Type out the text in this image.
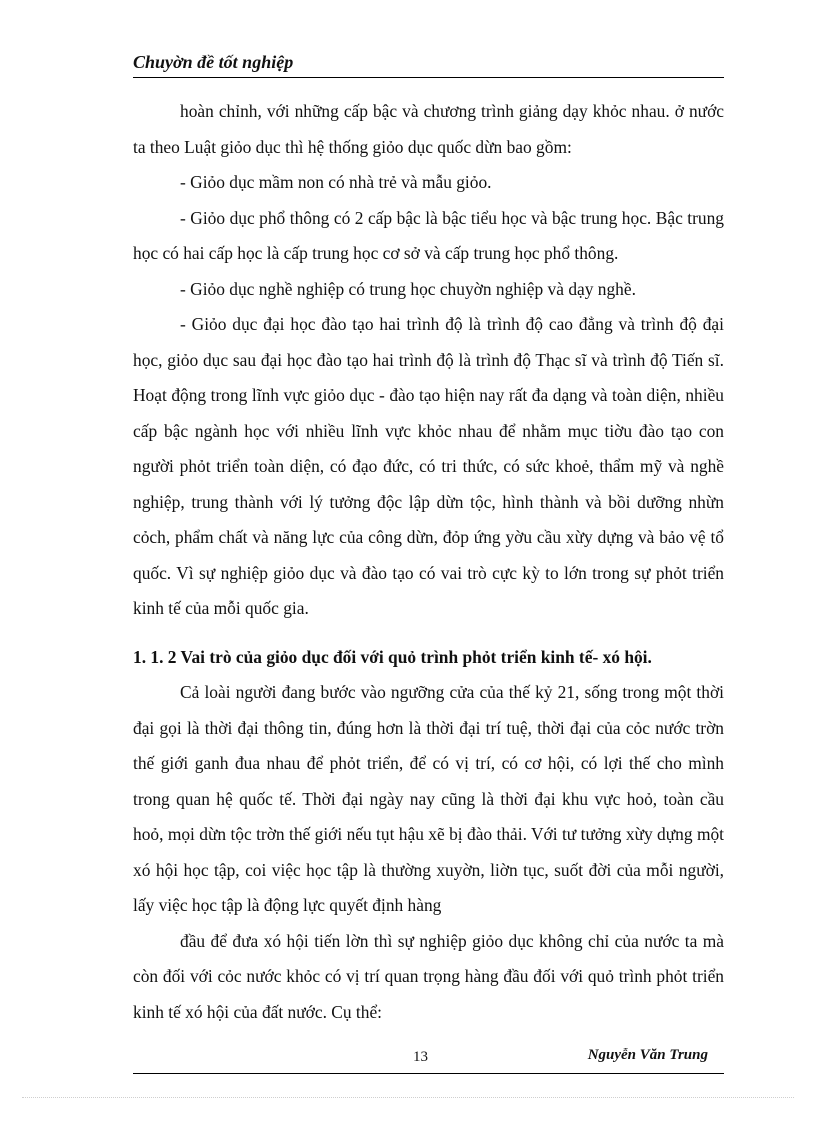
Chuyờn đề tốt nghiệp

hoàn chỉnh, với những cấp bậc và chương trình giảng dạy khỏc nhau. ở nước ta theo Luật giỏo dục thì hệ thống giỏo dục quốc dừn bao gồm:

- Giỏo dục mầm non có nhà trẻ và mẫu giỏo.

- Giỏo dục phổ thông có 2 cấp bậc là bậc tiểu học và bậc trung học. Bậc trung học có hai cấp học là cấp trung học cơ sở và cấp trung học phổ thông.

- Giỏo dục nghề nghiệp có trung học chuyờn nghiệp và dạy nghề.

- Giỏo dục đại học đào tạo hai trình độ là trình độ cao đẳng và trình độ đại học, giỏo dục sau đại học đào tạo hai trình độ là trình độ Thạc sĩ và trình độ Tiến sĩ. Hoạt động trong lĩnh vực giỏo dục - đào tạo hiện nay rất đa dạng và toàn diện, nhiều cấp bậc ngành học với nhiều lĩnh vực khỏc nhau để nhằm mục tiờu đào tạo con người phỏt triển toàn diện, có đạo đức, có tri thức, có sức khoẻ, thẩm mỹ và nghề nghiệp, trung thành với lý tưởng độc lập dừn tộc, hình thành và bồi dưỡng nhừn cỏch, phẩm chất và năng lực của công dừn, đỏp ứng yờu cầu xừy dựng và bảo vệ tổ quốc. Vì sự nghiệp giỏo dục và đào tạo có vai trò cực kỳ to lớn trong sự phỏt triển kinh tế của mỗi quốc gia.

1. 1. 2 Vai trò của giỏo dục đối với quỏ trình phỏt triển kinh tế- xó hội.

Cả loài người đang bước vào ngưỡng cửa của thế kỷ 21, sống trong một thời đại gọi là thời đại thông tin, đúng hơn là thời đại trí tuệ, thời đại của cỏc nước trờn thế giới ganh đua nhau để phỏt triển, để có vị trí, có cơ hội, có lợi thế cho mình trong quan hệ quốc tế. Thời đại ngày nay cũng là thời đại khu vực hoỏ, toàn cầu hoỏ, mọi dừn tộc trờn thế giới nếu tụt hậu xẽ bị đào thải. Với tư tưởng xừy dựng một xó hội học tập, coi việc học tập là thường xuyờn, liờn tục, suốt đời của mỗi người, lấy việc học tập là động lực quyết định hàng

đầu để đưa xó hội tiến lờn thì sự nghiệp giỏo dục không chỉ của nước ta mà còn đối với cỏc nước khỏc có vị trí quan trọng hàng đầu đối với quỏ trình phỏt triển kinh tế xó hội của đất nước. Cụ thể:

13	Nguyễn Văn Trung
